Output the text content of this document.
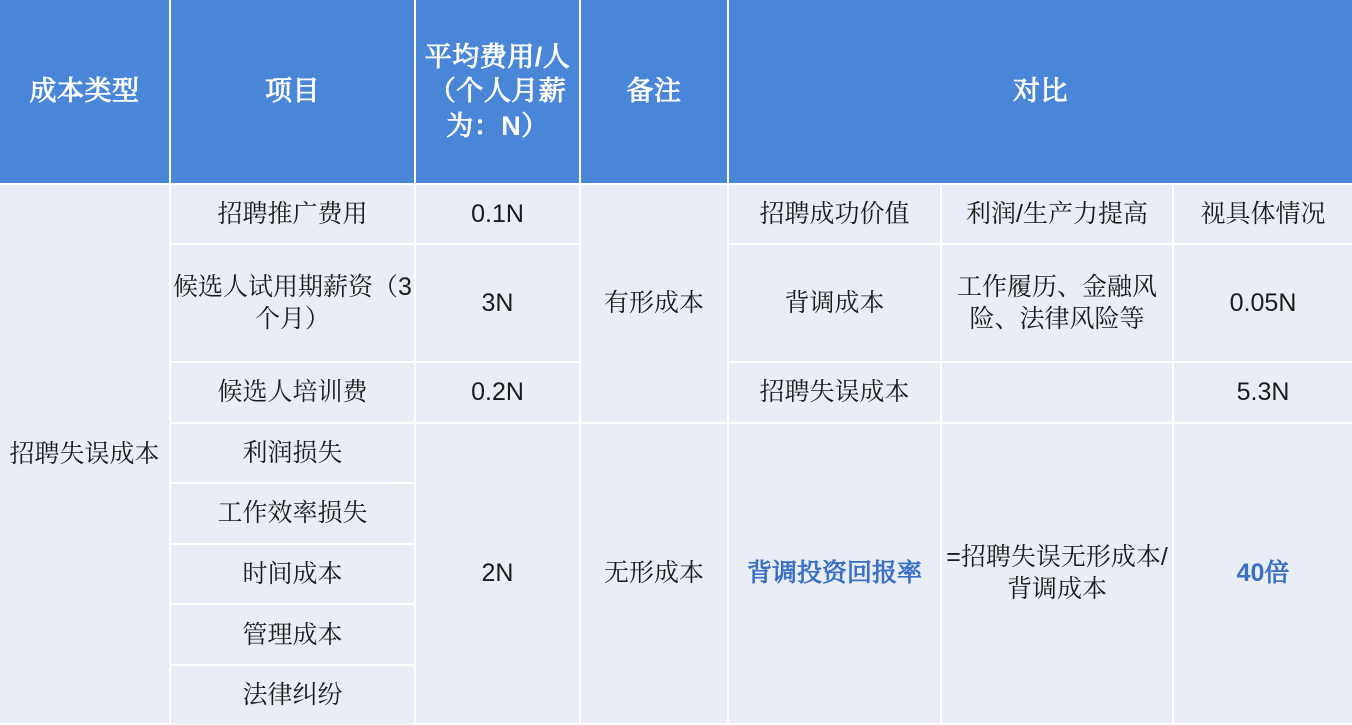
成本类型	项目	平均费用/人（个人月薪为：N）	备注	对比		
招聘失误成本	招聘推广费用	0.1N	有形成本	招聘成功价值	利润/生产力提高	视具体情况
	候选人试用期薪资（3个月）	3N		背调成本	工作履历、金融风险、法律风险等	0.05N
	候选人培训费	0.2N		招聘失误成本		5.3N
	利润损失	2N	无形成本	背调投资回报率	=招聘失误无形成本/背调成本	40倍
	工作效率损失					
	时间成本					
	管理成本					
	法律纠纷					
